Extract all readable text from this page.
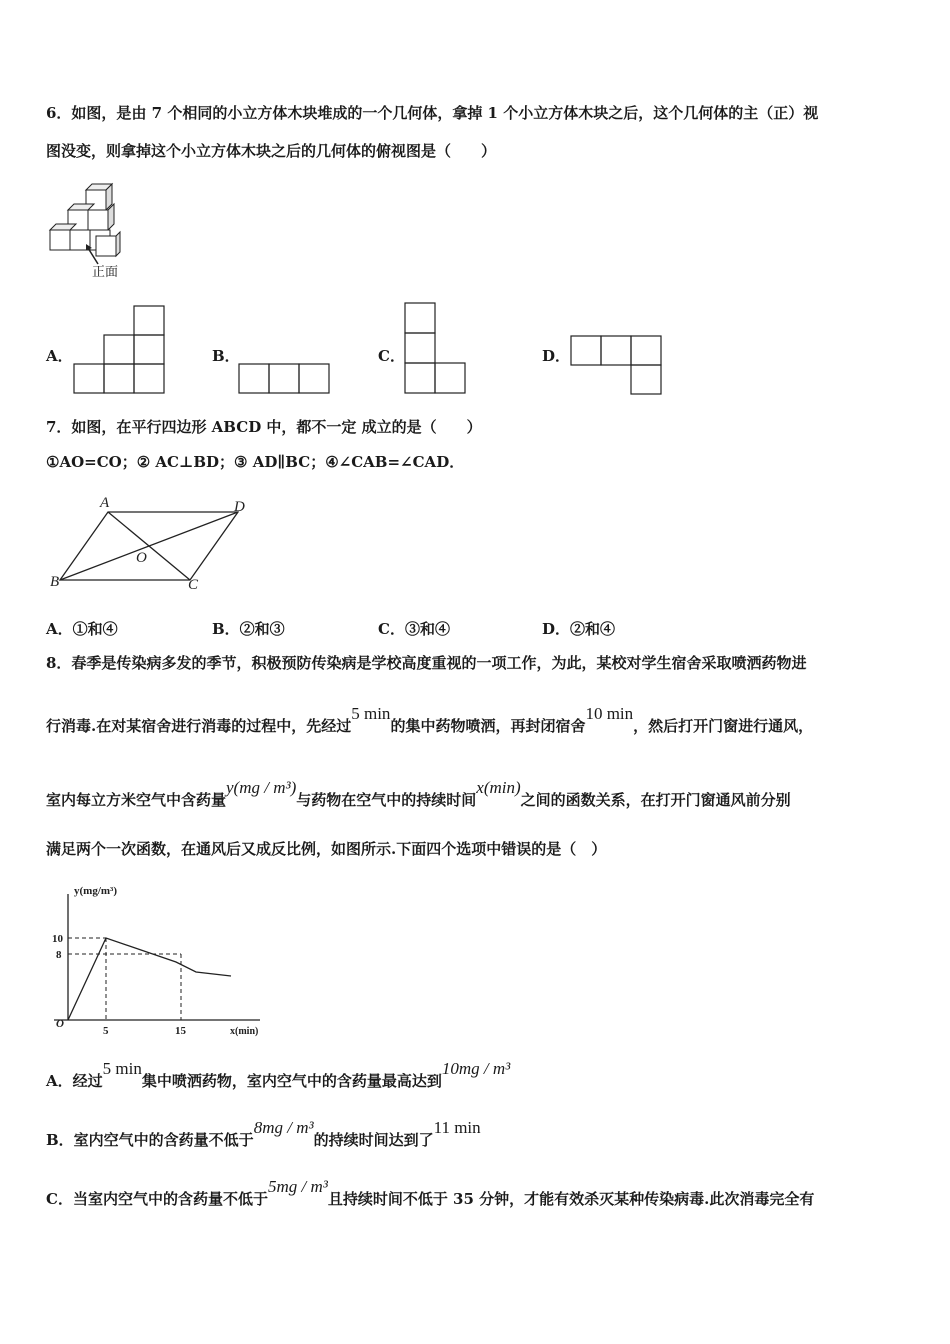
6．如图，是由 7 个相同的小立方体木块堆成的一个几何体，拿掉 1 个小立方体木块之后，这个几何体的主（正）视
图没变，则拿掉这个小立方体木块之后的几何体的俯视图是（　　）
正面
A．	B．	C．	D．
7．如图，在平行四边形 ABCD 中，都不一定 成立的是（　　）
①AO=CO；② AC⊥BD；③ AD∥BC；④∠CAB=∠CAD．
A	D
O
B	C
A．①和④	B．②和③	C．③和④	D．②和④
8．春季是传染病多发的季节，积极预防传染病是学校高度重视的一项工作，为此，某校对学生宿舍采取喷洒药物进
行消毒.在对某宿舍进行消毒的过程中，先经过5 min的集中药物喷洒，再封闭宿舍10 min，然后打开门窗进行通风，
室内每立方米空气中含药量y(mg / m³)与药物在空气中的持续时间x(min)之间的函数关系，在打开门窗通风前分别
满足两个一次函数，在通风后又成反比例，如图所示.下面四个选项中错误的是（　）
y(mg/m³)
10
8
O
5	15	x(min)
A．经过5 min集中喷洒药物，室内空气中的含药量最高达到10mg / m³
B．室内空气中的含药量不低于8mg / m³的持续时间达到了11 min
C．当室内空气中的含药量不低于5mg / m³且持续时间不低于 35 分钟，才能有效杀灭某种传染病毒.此次消毒完全有
